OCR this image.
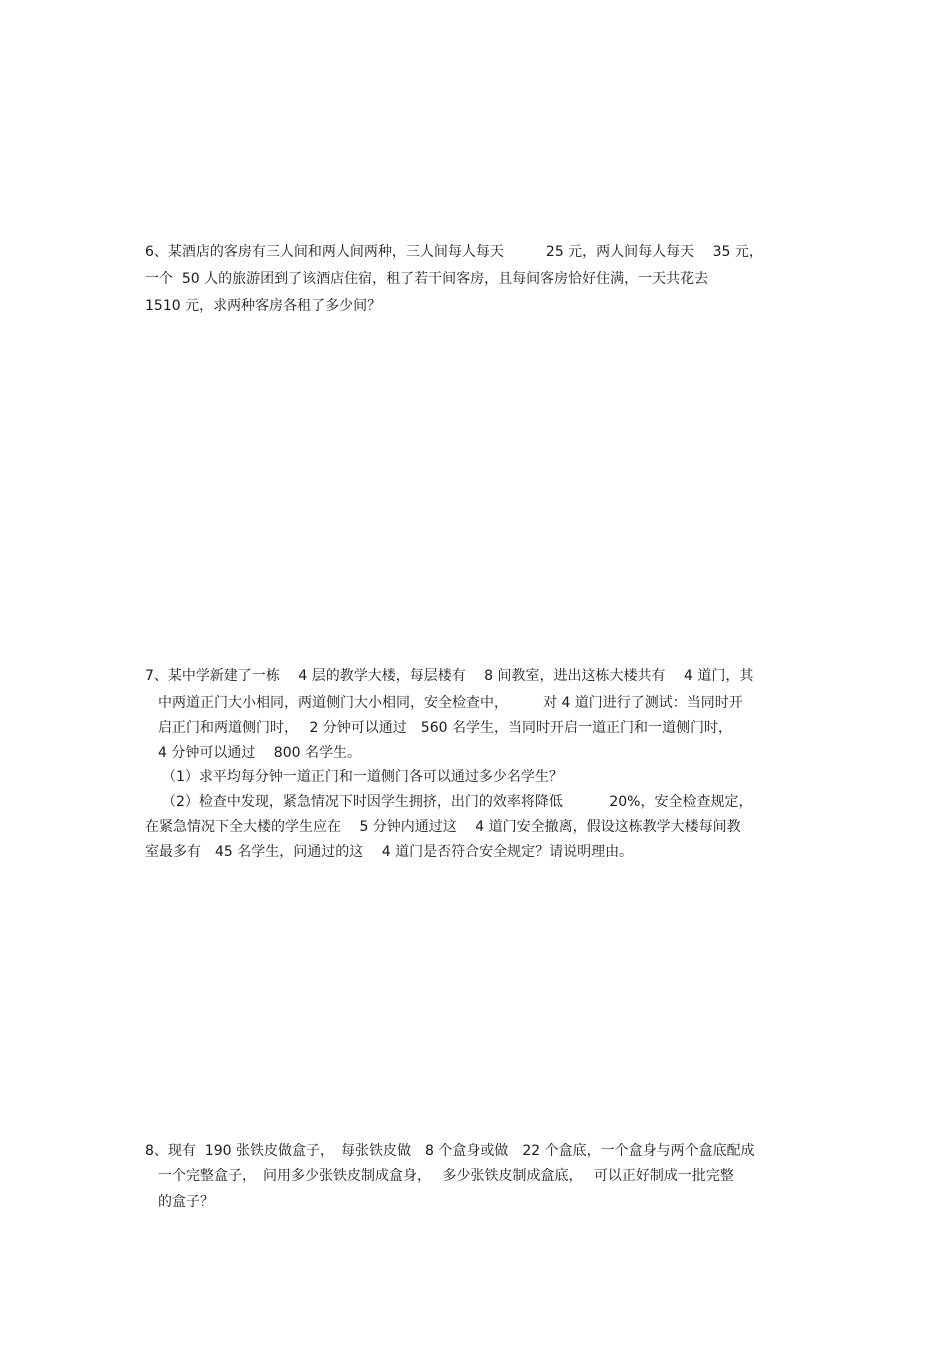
6、某酒店的客房有三人间和两人间两种，三人间每人每天　　　25 元，两人间每人每天　 35 元，
一个  50 人的旅游团到了该酒店住宿，租了若干间客房，且每间客房恰好住满，一天共花去
1510 元，求两种客房各租了多少间？
7、某中学新建了一栋　 4 层的教学大楼，每层楼有　 8 间教室，进出这栋大楼共有　 4 道门，其
中两道正门大小相同，两道侧门大小相同，安全检查中，　　　对 4 道门进行了测试：当同时开
启正门和两道侧门时，　 2 分钟可以通过　560 名学生，当同时开启一道正门和一道侧门时，
4 分钟可以通过　 800 名学生。
（1）求平均每分钟一道正门和一道侧门各可以通过多少名学生？
（2）检查中发现，紧急情况下时因学生拥挤，出门的效率将降低　　　 20%，安全检查规定，
在紧急情况下全大楼的学生应在　 5 分钟内通过这　 4 道门安全撤离，假设这栋教学大楼每间教
室最多有　45 名学生，问通过的这　 4 道门是否符合安全规定？请说明理由。
8、现有  190 张铁皮做盒子，　每张铁皮做　8 个盒身或做　22 个盒底，一个盒身与两个盒底配成
一个完整盒子，　问用多少张铁皮制成盒身，　 多少张铁皮制成盒底，　 可以正好制成一批完整
的盒子？
